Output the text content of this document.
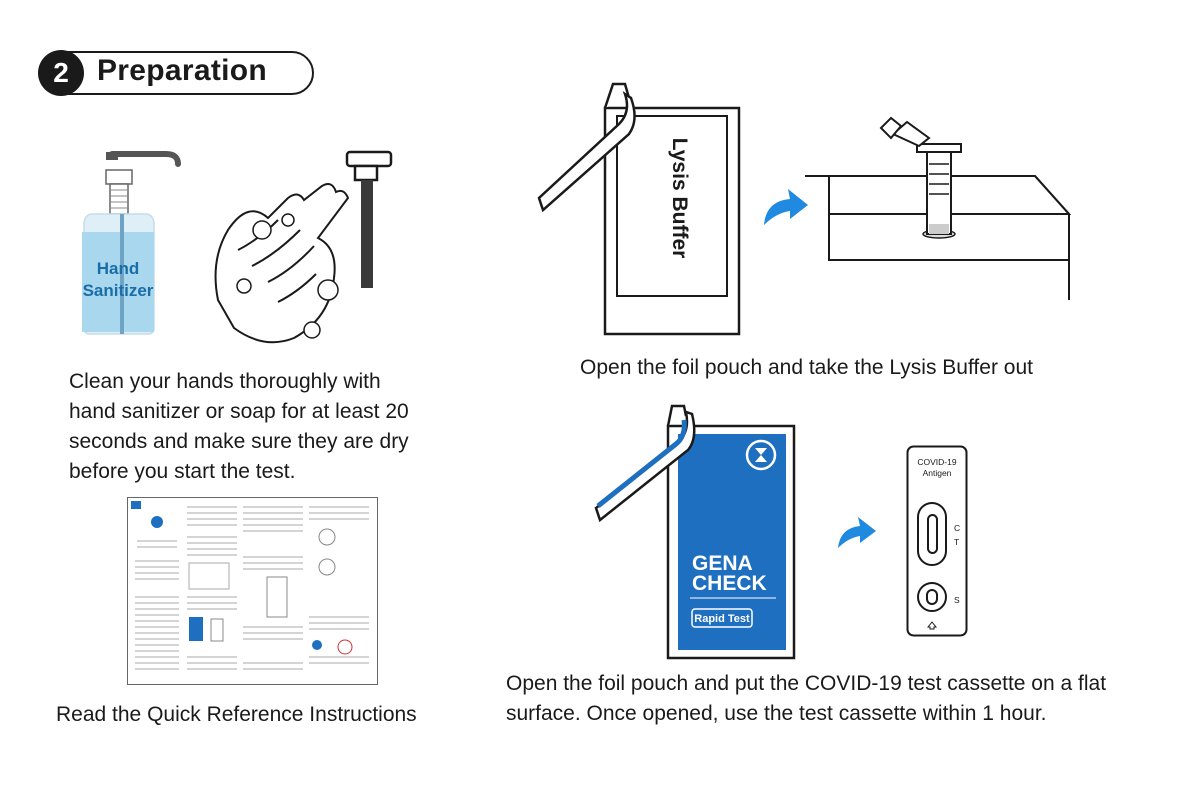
2 Preparation
Hand
Sanitizer
Clean your hands thoroughly with hand sanitizer or soap for at least 20 seconds and make sure they are dry before you start the test.
Read the Quick Reference Instructions
Lysis Buffer
Open the foil pouch and take the Lysis Buffer out
GENA
CHECK
Rapid Test
COVID-19
Antigen
C
T
S
Open the foil pouch and put the COVID-19 test cassette on a flat surface. Once opened, use the test cassette within 1 hour.
